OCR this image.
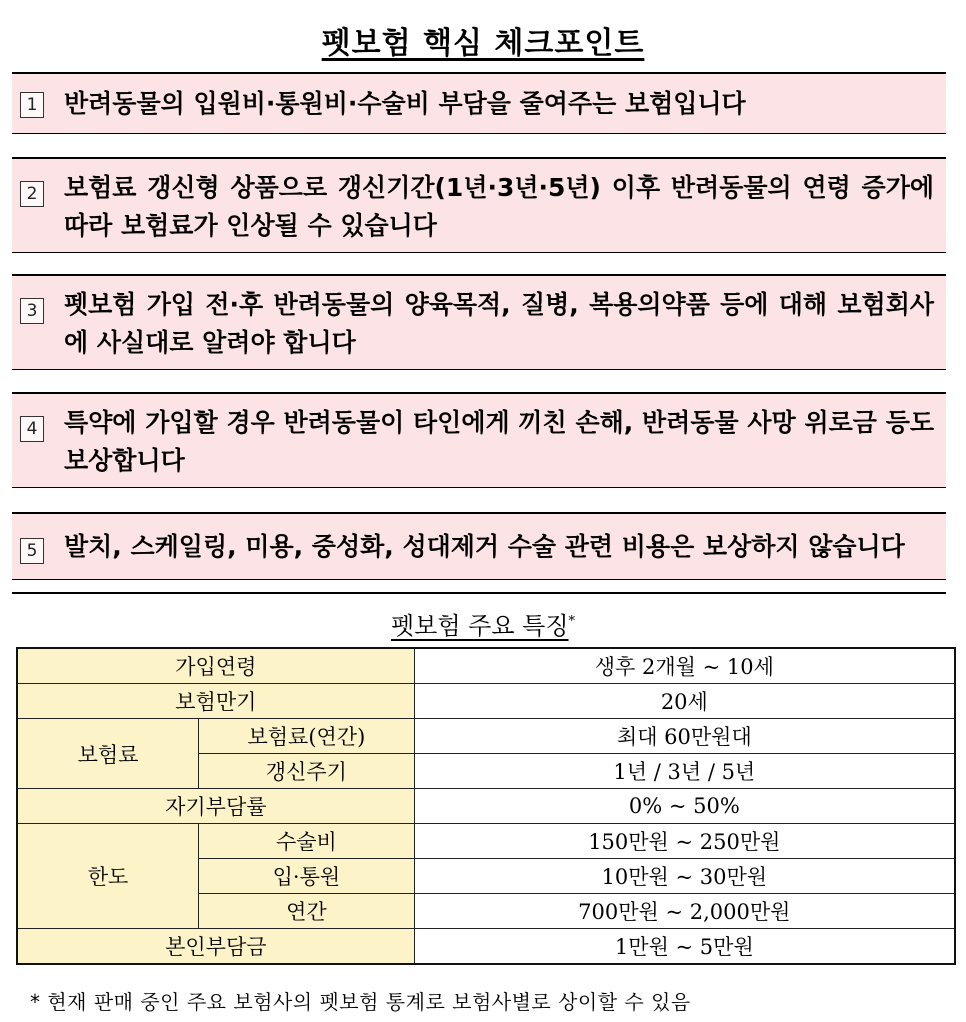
펫보험 핵심 체크포인트
1 반려동물의 입원비·통원비·수술비 부담을 줄여주는 보험입니다
2 보험료 갱신형 상품으로 갱신기간(1년·3년·5년) 이후 반려동물의 연령 증가에 따라 보험료가 인상될 수 있습니다
3 펫보험 가입 전·후 반려동물의 양육목적, 질병, 복용의약품 등에 대해 보험회사에 사실대로 알려야 합니다
4 특약에 가입할 경우 반려동물이 타인에게 끼친 손해, 반려동물 사망 위로금 등도 보상합니다
5 발치, 스케일링, 미용, 중성화, 성대제거 수술 관련 비용은 보상하지 않습니다
펫보험 주요 특징*
가입연령		생후 2개월 ~ 10세
보험만기		20세
보험료	보험료(연간)	최대 60만원대
	갱신주기	1년 / 3년 / 5년
자기부담률		0% ~ 50%
한도	수술비	150만원 ~ 250만원
	입·통원	10만원 ~ 30만원
	연간	700만원 ~ 2,000만원
본인부담금		1만원 ~ 5만원
* 현재 판매 중인 주요 보험사의 펫보험 통계로 보험사별로 상이할 수 있음
